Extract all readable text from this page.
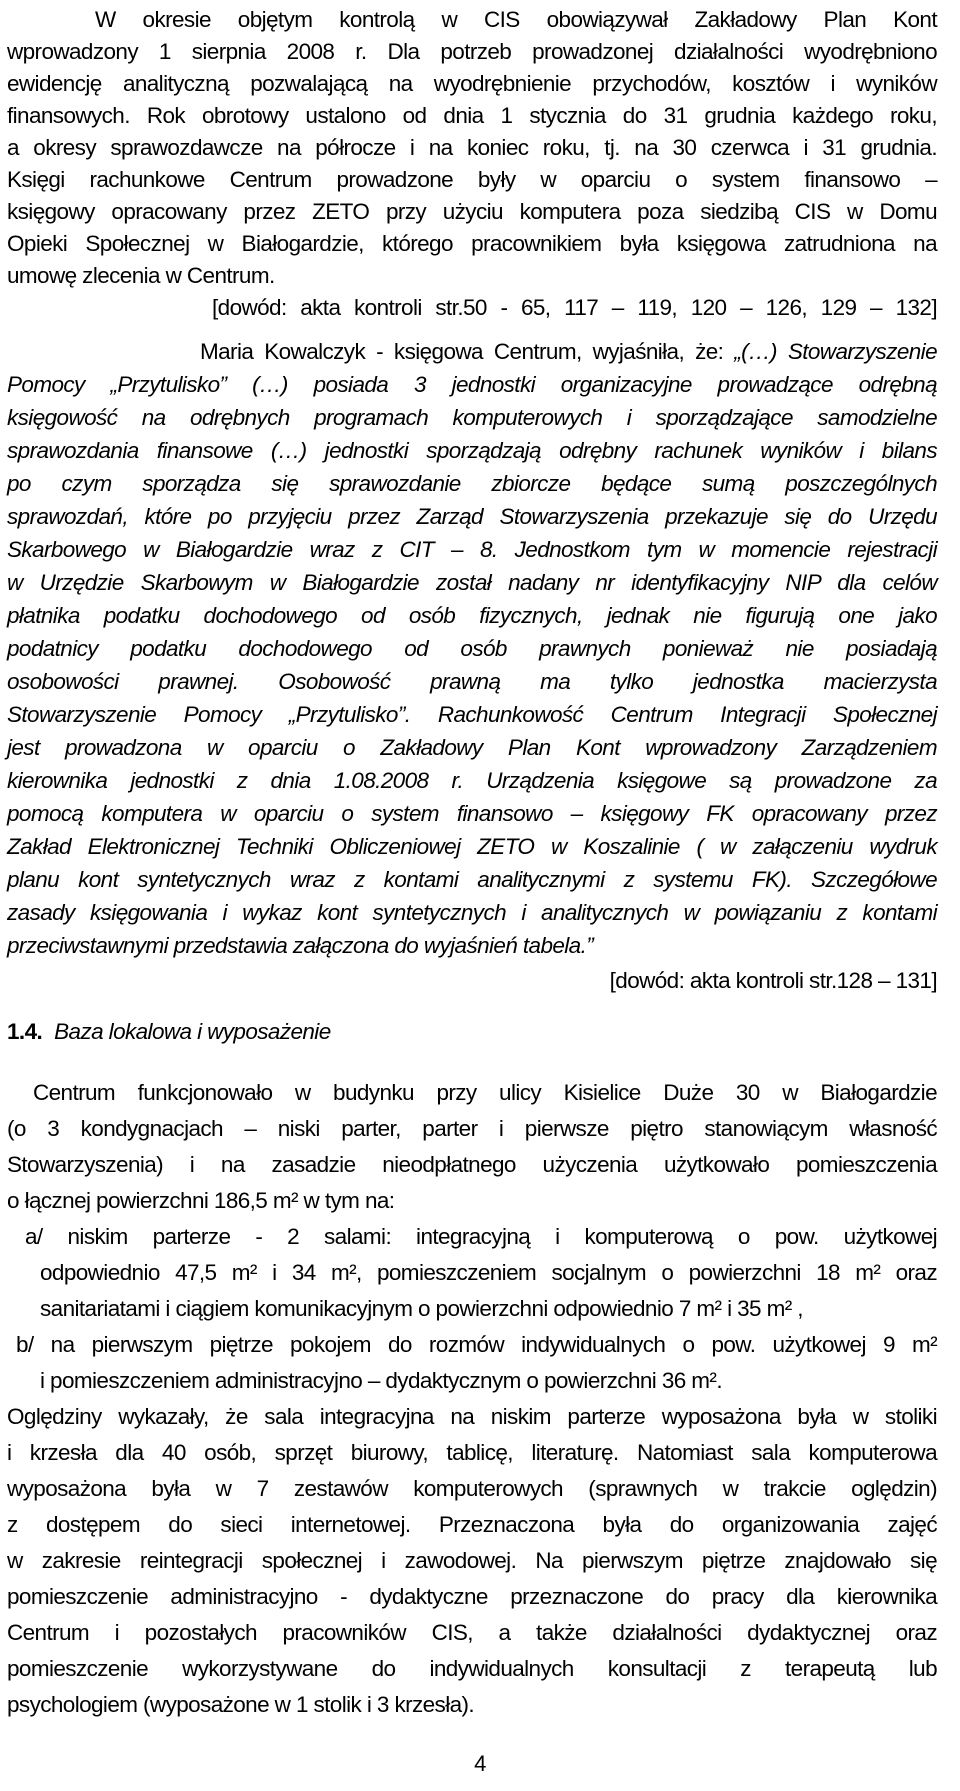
W okresie objętym kontrolą w CIS obowiązywał Zakładowy Plan Kont
wprowadzony 1 sierpnia 2008 r. Dla potrzeb prowadzonej działalności wyodrębniono
ewidencję analityczną pozwalającą na wyodrębnienie przychodów, kosztów i wyników
finansowych. Rok obrotowy ustalono od dnia 1 stycznia do 31 grudnia każdego roku,
a okresy sprawozdawcze na półrocze i na koniec roku, tj. na 30 czerwca i 31 grudnia.
Księgi rachunkowe Centrum prowadzone były w oparciu o system finansowo –
księgowy opracowany przez ZETO przy użyciu komputera poza siedzibą CIS w Domu
Opieki Społecznej w Białogardzie, którego pracownikiem była księgowa zatrudniona na
umowę zlecenia w Centrum.
[dowód: akta kontroli str.50 - 65, 117 – 119, 120 – 126, 129 – 132]
Maria Kowalczyk - księgowa Centrum, wyjaśniła, że: „(…) Stowarzyszenie
Pomocy „Przytulisko” (…) posiada 3 jednostki organizacyjne prowadzące odrębną
księgowość na odrębnych programach komputerowych i sporządzające samodzielne
sprawozdania finansowe (…) jednostki sporządzają odrębny rachunek wyników i bilans
po czym sporządza się sprawozdanie zbiorcze będące sumą poszczególnych
sprawozdań, które po przyjęciu przez Zarząd Stowarzyszenia przekazuje się do Urzędu
Skarbowego w Białogardzie wraz z CIT – 8. Jednostkom tym w momencie rejestracji
w Urzędzie Skarbowym w Białogardzie został nadany nr identyfikacyjny NIP dla celów
płatnika podatku dochodowego od osób fizycznych, jednak nie figurują one jako
podatnicy podatku dochodowego od osób prawnych ponieważ nie posiadają
osobowości prawnej. Osobowość prawną ma tylko jednostka macierzysta
Stowarzyszenie Pomocy „Przytulisko”. Rachunkowość Centrum Integracji Społecznej
jest prowadzona w oparciu o Zakładowy Plan Kont wprowadzony Zarządzeniem
kierownika jednostki z dnia 1.08.2008 r. Urządzenia księgowe są prowadzone za
pomocą komputera w oparciu o system finansowo – księgowy FK opracowany przez
Zakład Elektronicznej Techniki Obliczeniowej ZETO w Koszalinie ( w załączeniu wydruk
planu kont syntetycznych wraz z kontami analitycznymi z systemu FK). Szczegółowe
zasady księgowania i wykaz kont syntetycznych i analitycznych w powiązaniu z kontami
przeciwstawnymi przedstawia załączona do wyjaśnień tabela.”
[dowód: akta kontroli str.128 – 131]
1.4. Baza lokalowa i wyposażenie
Centrum funkcjonowało w budynku przy ulicy Kisielice Duże 30 w Białogardzie
(o 3 kondygnacjach – niski parter, parter i pierwsze piętro stanowiącym własność
Stowarzyszenia) i na zasadzie nieodpłatnego użyczenia użytkowało pomieszczenia
o łącznej powierzchni 186,5 m² w tym na:
a/ niskim parterze - 2 salami: integracyjną i komputerową o pow. użytkowej
odpowiednio 47,5 m² i 34 m², pomieszczeniem socjalnym o powierzchni 18 m² oraz
sanitariatami i ciągiem komunikacyjnym o powierzchni odpowiednio 7 m² i 35 m² ,
b/ na pierwszym piętrze pokojem do rozmów indywidualnych o pow. użytkowej 9 m²
i pomieszczeniem administracyjno – dydaktycznym o powierzchni 36 m².
Oględziny wykazały, że sala integracyjna na niskim parterze wyposażona była w stoliki
i krzesła dla 40 osób, sprzęt biurowy, tablicę, literaturę. Natomiast sala komputerowa
wyposażona była w 7 zestawów komputerowych (sprawnych w trakcie oględzin)
z dostępem do sieci internetowej. Przeznaczona była do organizowania zajęć
w zakresie reintegracji społecznej i zawodowej. Na pierwszym piętrze znajdowało się
pomieszczenie administracyjno - dydaktyczne przeznaczone do pracy dla kierownika
Centrum i pozostałych pracowników CIS, a także działalności dydaktycznej oraz
pomieszczenie wykorzystywane do indywidualnych konsultacji z terapeutą lub
psychologiem (wyposażone w 1 stolik i 3 krzesła).
4
